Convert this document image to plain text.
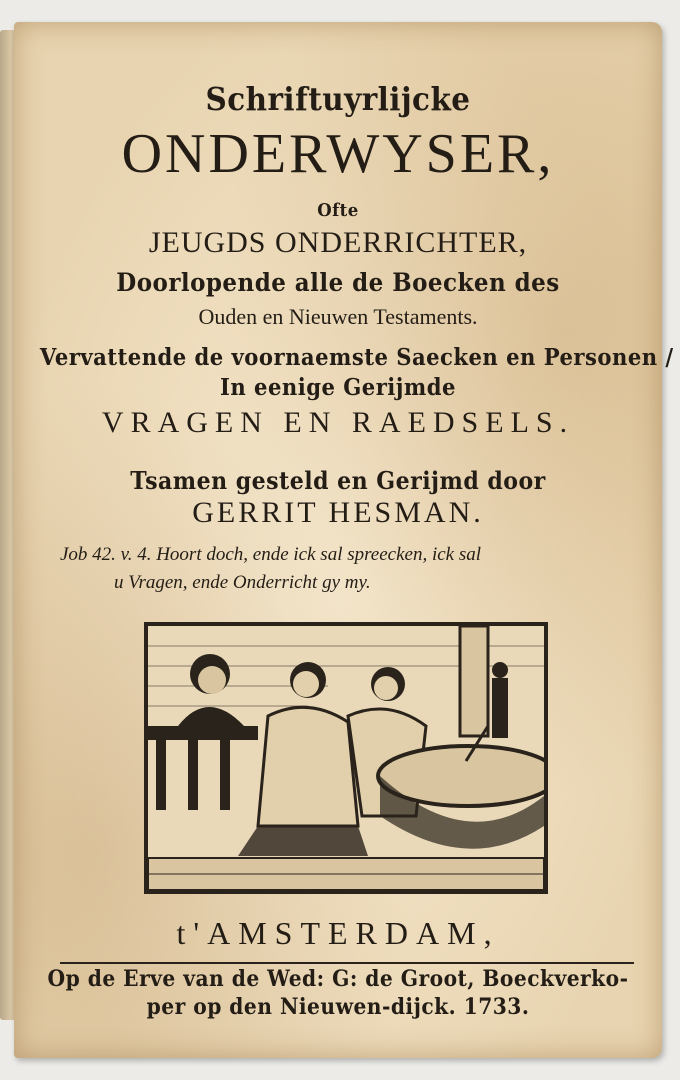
Schriftuyrlijcke
ONDERWYSER,
Ofte
JEUGDS ONDERRICHTER,
Doorlopende alle de Boecken des
Ouden en Nieuwen Testaments.
Vervattende de voornaemste Saecken en Personen /
In eenige Gerijmde
VRAGEN EN RAEDSELS.
Tsamen gesteld en Gerijmd door
GERRIT HESMAN.
Job 42. v. 4. Hoort doch, ende ick sal spreecken, ick sal
u Vragen, ende Onderricht gy my.
t'AMSTERDAM,
Op de Erve van de Wed: G: de Groot, Boeckverko-
per op den Nieuwen-dijck. 1733.
